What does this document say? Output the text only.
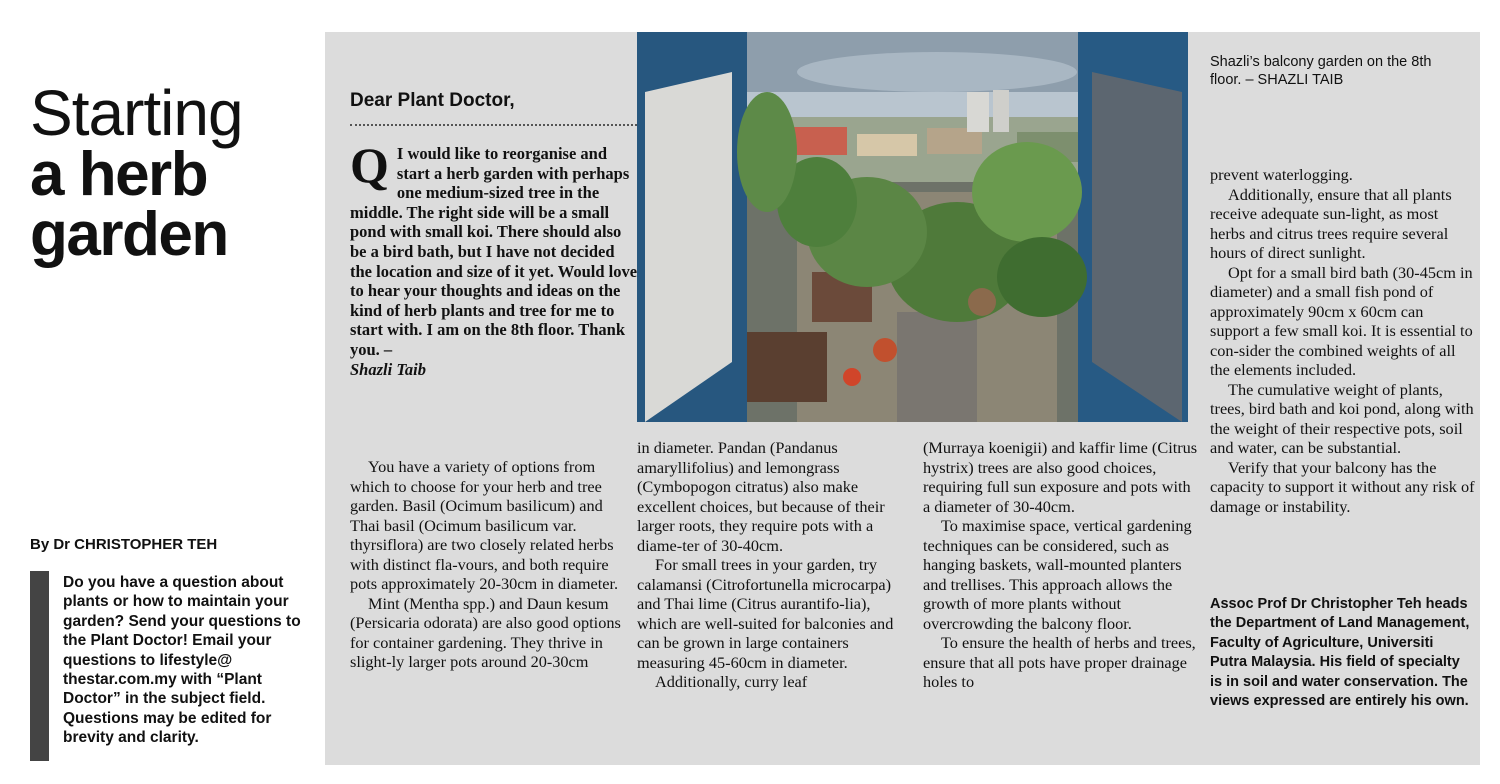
Starting
a herb
garden
By Dr CHRISTOPHER TEH
Do you have a question about plants or how to maintain your garden? Send your questions to the Plant Doctor! Email your questions to lifestyle@ thestar.com.my with “Plant Doctor” in the subject field. Questions may be edited for brevity and clarity.
Dear Plant Doctor,
Q I would like to reorganise and start a herb garden with perhaps one medium-sized tree in the middle. The right side will be a small pond with small koi. There should also be a bird bath, but I have not decided the location and size of it yet. Would love to hear your thoughts and ideas on the kind of herb plants and tree for me to start with. I am on the 8th floor. Thank you. –
Shazli Taib
Shazli’s balcony garden on the 8th floor. – SHAZLI TAIB

You have a variety of options from which to choose for your herb and tree garden. Basil (Ocimum basilicum) and Thai basil (Ocimum basilicum var. thyrsiflora) are two closely related herbs with distinct fla-vours, and both require pots approximately 20-30cm in diameter.

Mint (Mentha spp.) and Daun kesum (Persicaria odorata) are also good options for container gardening. They thrive in slight-ly larger pots around 20-30cm

in diameter. Pandan (Pandanus amaryllifolius) and lemongrass (Cymbopogon citratus) also make excellent choices, but because of their larger roots, they require pots with a diame-ter of 30-40cm.

For small trees in your garden, try calamansi (Citrofortunella microcarpa) and Thai lime (Citrus aurantifo-lia), which are well-suited for balconies and can be grown in large containers measuring 45-60cm in diameter.

Additionally, curry leaf

(Murraya koenigii) and kaffir lime (Citrus hystrix) trees are also good choices, requiring full sun exposure and pots with a diameter of 30-40cm.

To maximise space, vertical gardening techniques can be considered, such as hanging baskets, wall-mounted planters and trellises. This approach allows the growth of more plants without overcrowding the balcony floor.

To ensure the health of herbs and trees, ensure that all pots have proper drainage holes to

prevent waterlogging.

Additionally, ensure that all plants receive adequate sun-light, as most herbs and citrus trees require several hours of direct sunlight.

Opt for a small bird bath (30-45cm in diameter) and a small fish pond of approximately 90cm x 60cm can support a few small koi. It is essential to con-sider the combined weights of all the elements included.

The cumulative weight of plants, trees, bird bath and koi pond, along with the weight of their respective pots, soil and water, can be substantial.

Verify that your balcony has the capacity to support it without any risk of damage or instability.

Assoc Prof Dr Christopher Teh heads the Department of Land Management, Faculty of Agriculture, Universiti Putra Malaysia. His field of specialty is in soil and water conservation. The views expressed are entirely his own.
